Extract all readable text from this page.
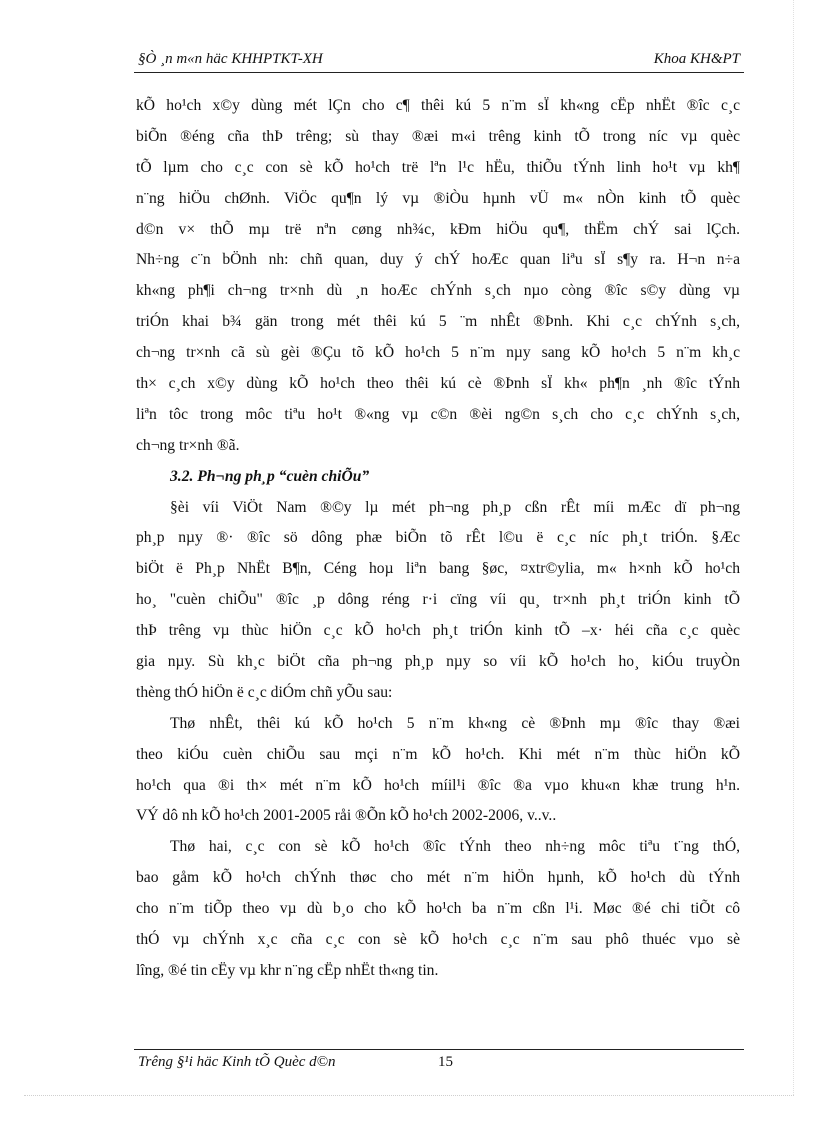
§Ò ¸n m«n häc KHHPTKT-XH	Khoa KH&PT
kÕ ho¹ch x©y dùng mét lÇn cho c¶ thêi kú 5 n¨m sÏ kh«ng cËp nhËt ®îc c¸c
biÕn ®éng cña thÞ trêng; sù thay ®æi m«i trêng kinh tÕ trong níc vµ quèc
tÕ lµm cho c¸c con sè kÕ ho¹ch trë lªn l¹c hËu, thiÕu tÝnh linh ho¹t vµ kh¶
n¨ng hiÖu chØnh. ViÖc qu¶n lý vµ ®iÒu hµnh vÜ m« nÒn kinh tÕ quèc
d©n v× thÕ mµ trë nªn cøng nh¾c, kÐm hiÖu qu¶, thËm chÝ sai lÇch.
Nh÷ng c¨n bÖnh nh: chñ quan, duy ý chÝ hoÆc quan liªu sÏ s¶y ra. H¬n n÷a
kh«ng ph¶i ch¬ng tr×nh dù ¸n hoÆc chÝnh s¸ch nµo còng ®îc s©y dùng vµ
triÓn khai b¾ gän trong mét thêi kú 5 ¨m nhÊt ®Þnh. Khi c¸c chÝnh s¸ch,
ch¬ng tr×nh cã sù gèi ®Çu tõ kÕ ho¹ch 5 n¨m nµy sang kÕ ho¹ch 5 n¨m kh¸c
th× c¸ch x©y dùng kÕ ho¹ch theo thêi kú cè ®Þnh sÏ kh« ph¶n ¸nh ®îc tÝnh
liªn tôc trong môc tiªu ho¹t ®«ng vµ c©n ®èi ng©n s¸ch cho c¸c chÝnh s¸ch,
ch¬ng tr×nh ®ã.
3.2. Ph¬ng ph¸p “cuèn chiÕu”
§èi víi ViÖt Nam ®©y lµ mét ph¬ng ph¸p cßn rÊt míi mÆc dï ph¬ng
ph¸p nµy ®· ®îc sö dông phæ biÕn tõ rÊt l©u ë c¸c níc ph¸t triÓn. §Æc
biÖt ë Ph¸p NhËt B¶n, Céng hoµ liªn bang §øc, ¤xtr©ylia, m« h×nh kÕ ho¹ch
ho¸ "cuèn chiÕu" ®îc ¸p dông réng r·i cïng víi qu¸ tr×nh ph¸t triÓn kinh tÕ
thÞ trêng vµ thùc hiÖn c¸c kÕ ho¹ch ph¸t triÓn kinh tÕ –x· héi cña c¸c quèc
gia nµy. Sù kh¸c biÖt cña ph¬ng ph¸p nµy so víi kÕ ho¹ch ho¸ kiÓu truyÒn
thèng thÓ hiÖn ë c¸c diÓm chñ yÕu sau:
Thø nhÊt, thêi kú kÕ ho¹ch 5 n¨m kh«ng cè ®Þnh mµ ®îc thay ®æi
theo kiÓu cuèn chiÕu sau mçi n¨m kÕ ho¹ch. Khi mét n¨m thùc hiÖn kÕ
ho¹ch qua ®i th× mét n¨m kÕ ho¹ch míil¹i ®îc ®a vµo khu«n khæ trung h¹n.
VÝ dô nh kÕ ho¹ch 2001-2005 råi ®Õn kÕ ho¹ch 2002-2006, v..v..
Thø hai, c¸c con sè kÕ ho¹ch ®îc tÝnh theo nh÷ng môc tiªu t¨ng thÓ,
bao gåm kÕ ho¹ch chÝnh thøc cho mét n¨m hiÖn hµnh, kÕ ho¹ch dù tÝnh
cho n¨m tiÕp theo vµ dù b¸o cho kÕ ho¹ch ba n¨m cßn l¹i. Møc ®é chi tiÕt cô
thÓ vµ chÝnh x¸c cña c¸c con sè kÕ ho¹ch c¸c n¨m sau phô thuéc vµo sè
lîng, ®é tin cËy vµ khr n¨ng cËp nhËt th«ng tin.
Trêng §¹i häc Kinh tÕ Quèc d©n	15
